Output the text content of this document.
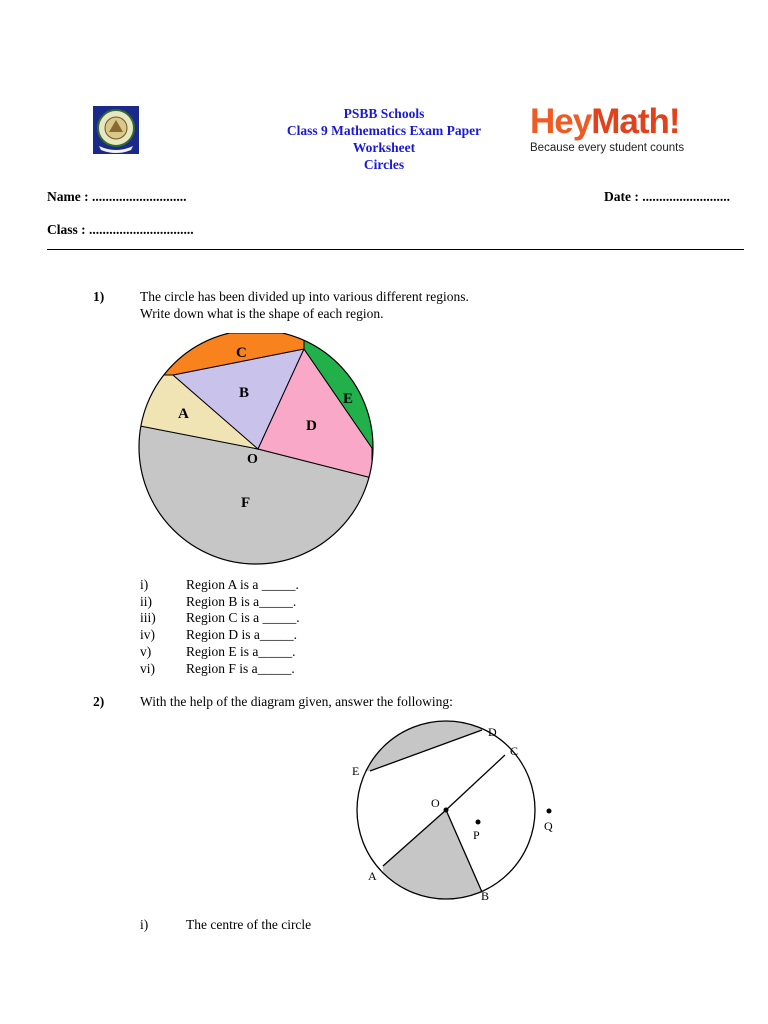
PSBB Schools
Class 9 Mathematics Exam Paper
Worksheet
Circles
HeyMath!
Because every student counts
Name : ............................	Date : ..........................
Class : ...............................
1)	The circle has been divided up into various different regions.
Write down what is the shape of each region.
C
B
A
E
D
O
F
i)	Region A is a _____.
ii)	Region B is a_____.
iii)	Region C is a _____.
iv)	Region D is a_____.
v)	Region E is a_____.
vi)	Region F is a_____.
2)	With the help of the diagram given, answer the following:
D
C
E
O
P
Q
A
B
i)	The centre of the circle
